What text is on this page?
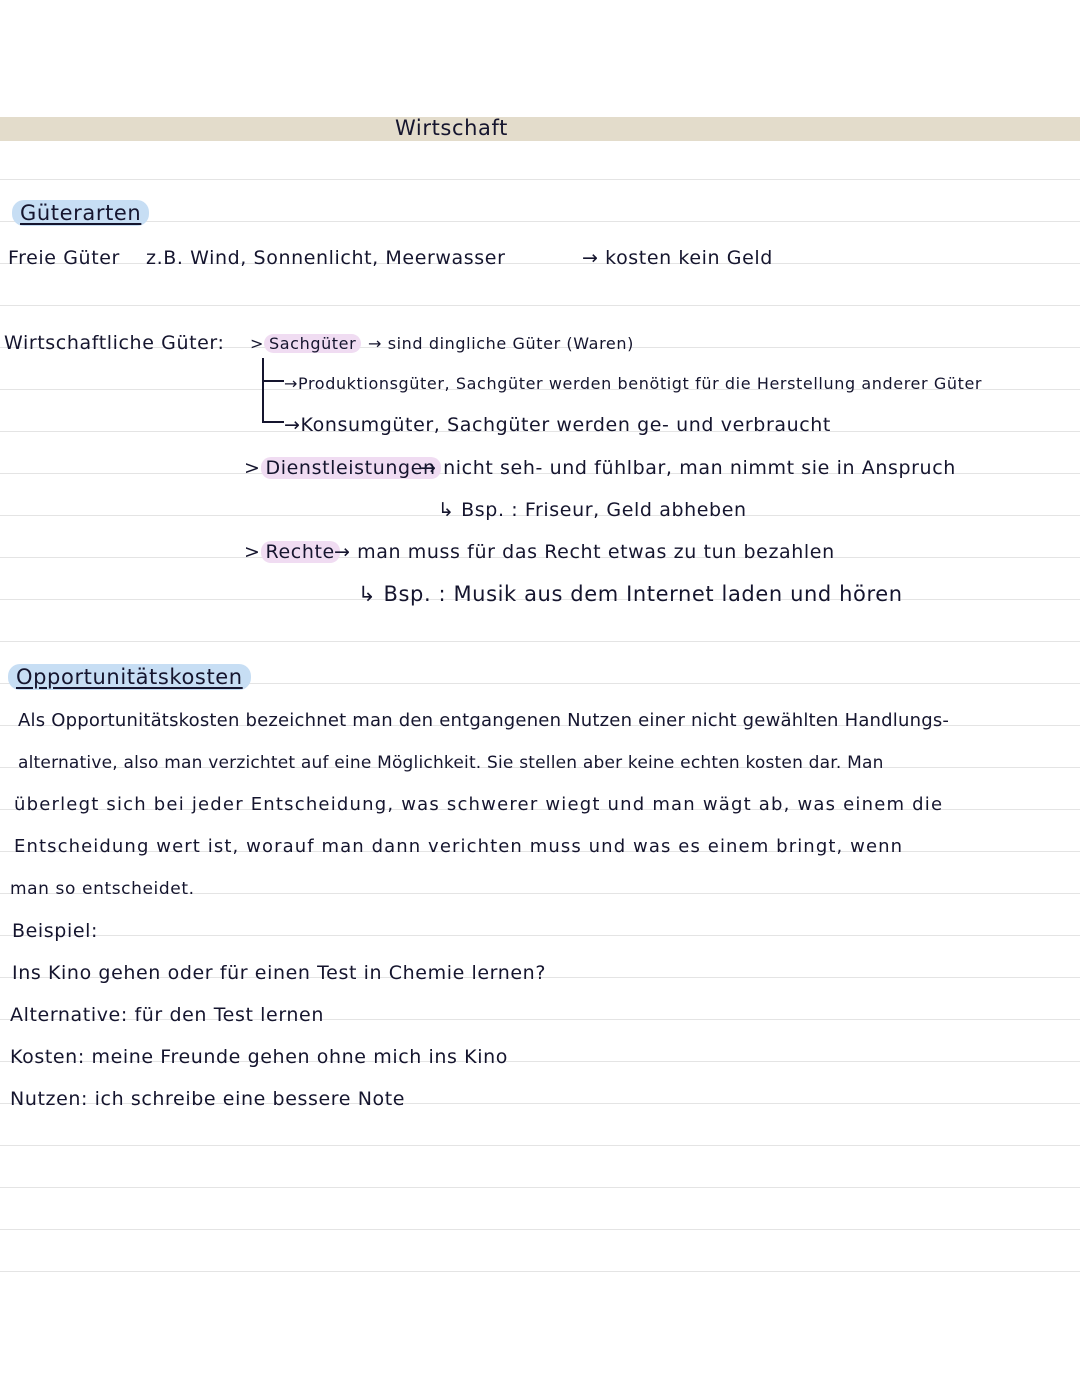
Wirtschaft
Güterarten
Freie Güter z.B. Wind, Sonnenlicht, Meerwasser	→ kosten kein Geld
Wirtschaftliche Güter: > Sachgüter → sind dingliche Güter (Waren)
→Produktionsgüter, Sachgüter werden benötigt für die Herstellung anderer Güter
→Konsumgüter, Sachgüter werden ge- und verbraucht
> Dienstleistungen
→ nicht seh- und fühlbar, man nimmt sie in Anspruch
↳ Bsp. : Friseur, Geld abheben
> Rechte → man muss für das Recht etwas zu tun bezahlen
↳ Bsp. : Musik aus dem Internet laden und hören
Opportunitätskosten
Als Opportunitätskosten bezeichnet man den entgangenen Nutzen einer nicht gewählten Handlungs-
alternative, also man verzichtet auf eine Möglichkeit. Sie stellen aber keine echten kosten dar. Man
überlegt sich bei jeder Entscheidung, was schwerer wiegt und man wägt ab, was einem die
Entscheidung wert ist, worauf man dann verichten muss und was es einem bringt, wenn
man so entscheidet.
Beispiel:
Ins Kino gehen oder für einen Test in Chemie lernen?
Alternative: für den Test lernen
Kosten: meine Freunde gehen ohne mich ins Kino
Nutzen: ich schreibe eine bessere Note
